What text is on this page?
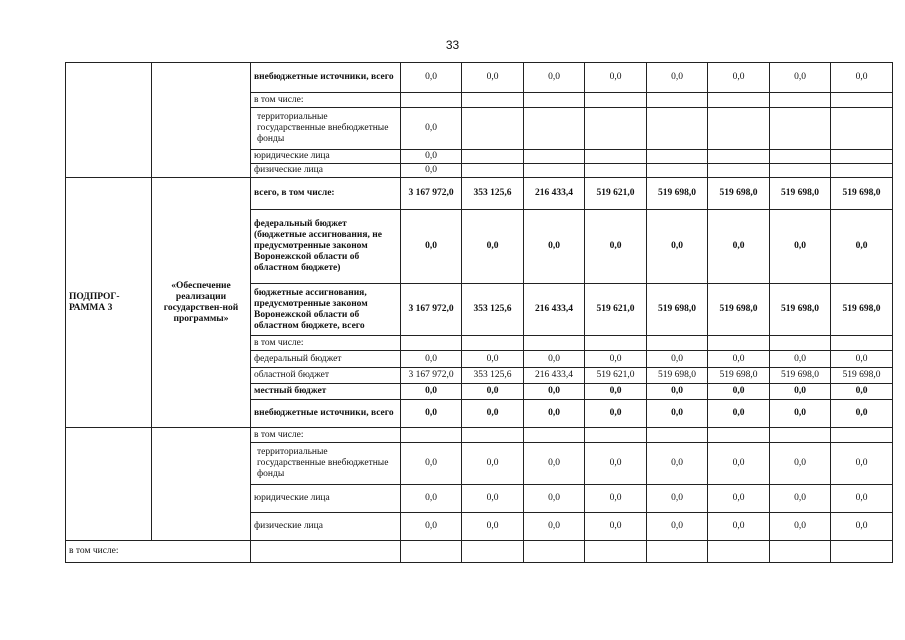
33
		внебюджетные источники, всего	0,0	0,0	0,0	0,0	0,0	0,0	0,0	0,0
		в том числе:								
		территориальные государственные внебюджетные фонды	0,0							
		юридические лица	0,0							
		физические лица	0,0							
ПОДПРОГ-РАММА 3	«Обеспечение реализации государствен-ной программы»	всего, в том числе:	3 167 972,0	353 125,6	216 433,4	519 621,0	519 698,0	519 698,0	519 698,0	519 698,0
		федеральный бюджет (бюджетные ассигнования, не предусмотренные законом Воронежской области об областном бюджете)	0,0	0,0	0,0	0,0	0,0	0,0	0,0	0,0
		бюджетные ассигнования, предусмотренные законом Воронежской области об областном бюджете, всего	3 167 972,0	353 125,6	216 433,4	519 621,0	519 698,0	519 698,0	519 698,0	519 698,0
		в том числе:								
		федеральный бюджет	0,0	0,0	0,0	0,0	0,0	0,0	0,0	0,0
		областной бюджет	3 167 972,0	353 125,6	216 433,4	519 621,0	519 698,0	519 698,0	519 698,0	519 698,0
		местный бюджет	0,0	0,0	0,0	0,0	0,0	0,0	0,0	0,0
		внебюджетные источники, всего	0,0	0,0	0,0	0,0	0,0	0,0	0,0	0,0
		в том числе:								
		территориальные государственные внебюджетные фонды	0,0	0,0	0,0	0,0	0,0	0,0	0,0	0,0
		юридические лица	0,0	0,0	0,0	0,0	0,0	0,0	0,0	0,0
		физические лица	0,0	0,0	0,0	0,0	0,0	0,0	0,0	0,0
в том числе:										
